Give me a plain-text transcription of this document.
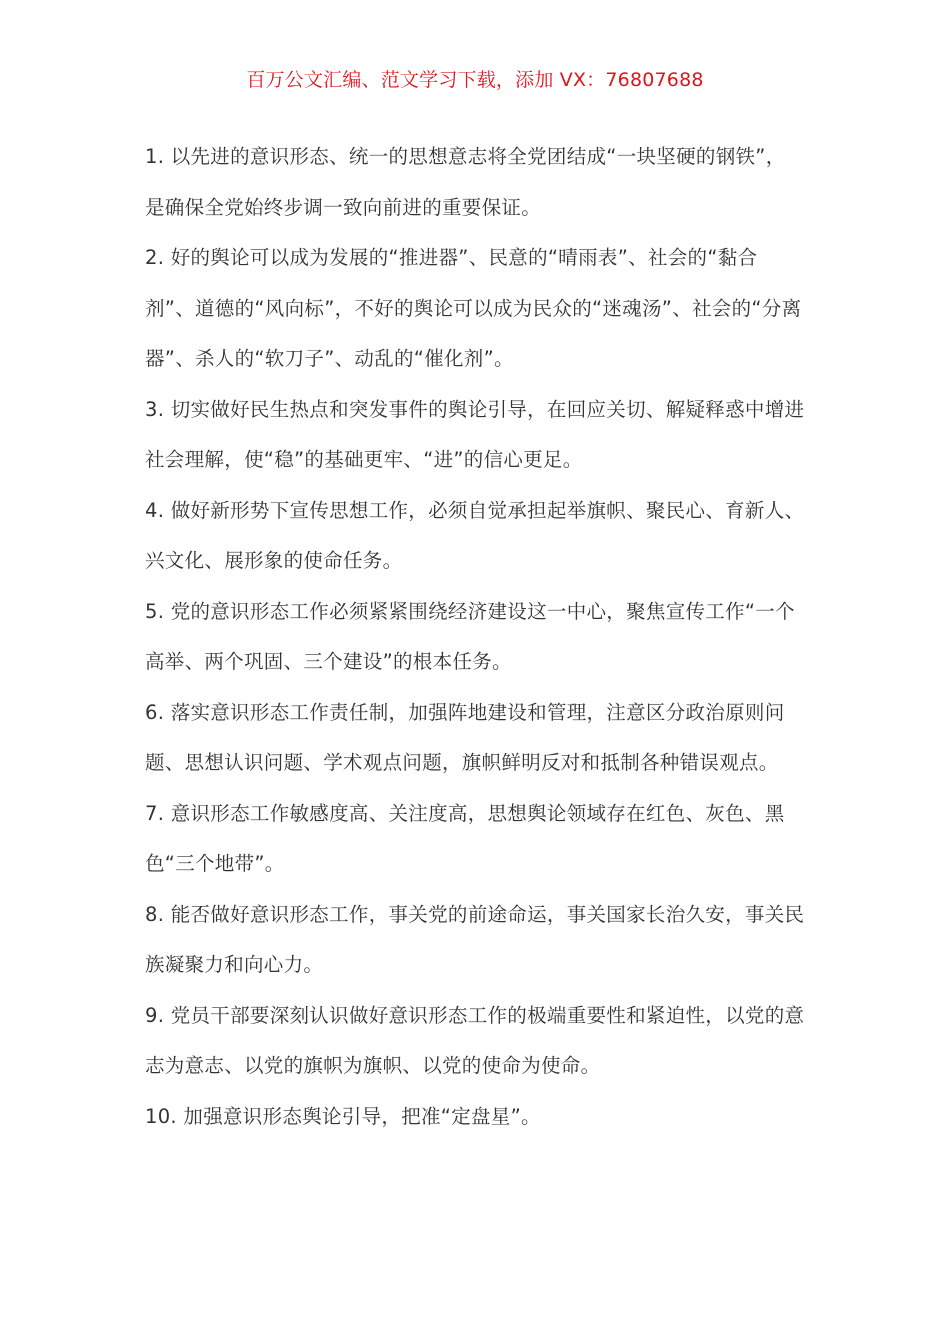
百万公文汇编、范文学习下载，添加 VX：76807688

1. 以先进的意识形态、统一的思想意志将全党团结成“一块坚硬的钢铁”，是确保全党始终步调一致向前进的重要保证。

2. 好的舆论可以成为发展的“推进器”、民意的“晴雨表”、社会的“黏合剂”、道德的“风向标”，不好的舆论可以成为民众的“迷魂汤”、社会的“分离器”、杀人的“软刀子”、动乱的“催化剂”。

3. 切实做好民生热点和突发事件的舆论引导，在回应关切、解疑释惑中增进社会理解，使“稳”的基础更牢、“进”的信心更足。

4. 做好新形势下宣传思想工作，必须自觉承担起举旗帜、聚民心、育新人、兴文化、展形象的使命任务。

5. 党的意识形态工作必须紧紧围绕经济建设这一中心，聚焦宣传工作“一个高举、两个巩固、三个建设”的根本任务。

6. 落实意识形态工作责任制，加强阵地建设和管理，注意区分政治原则问题、思想认识问题、学术观点问题，旗帜鲜明反对和抵制各种错误观点。

7. 意识形态工作敏感度高、关注度高，思想舆论领域存在红色、灰色、黑色“三个地带”。

8. 能否做好意识形态工作，事关党的前途命运，事关国家长治久安，事关民族凝聚力和向心力。

9. 党员干部要深刻认识做好意识形态工作的极端重要性和紧迫性，以党的意志为意志、以党的旗帜为旗帜、以党的使命为使命。

10. 加强意识形态舆论引导，把准“定盘星”。
